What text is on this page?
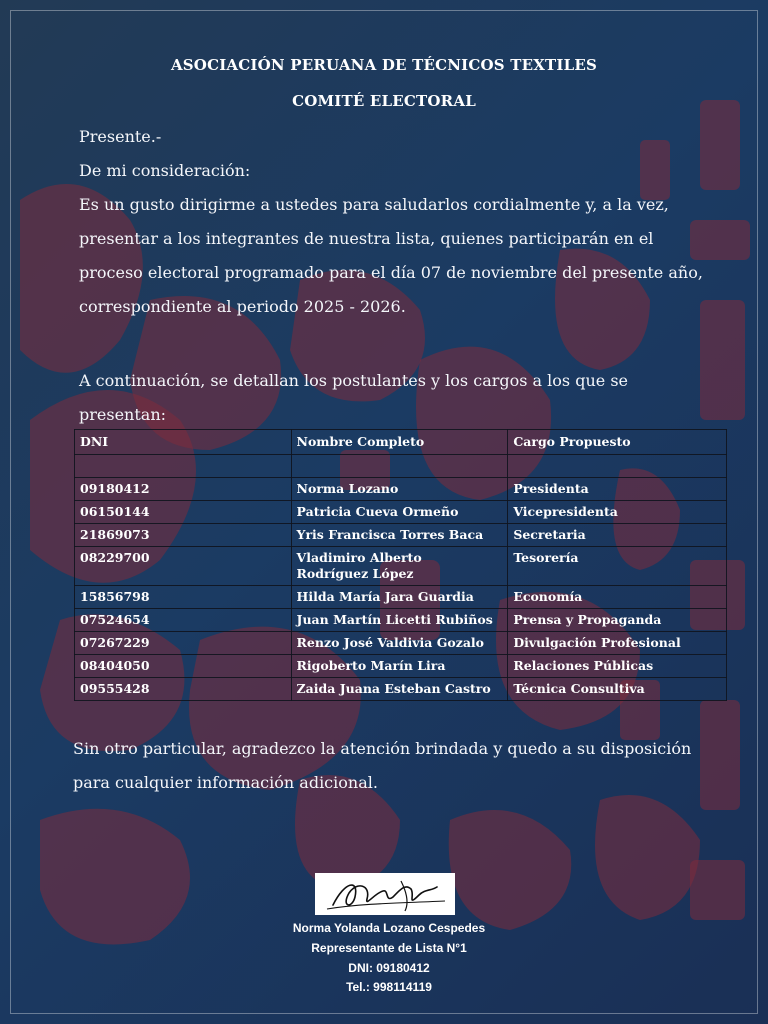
ASOCIACIÓN PERUANA DE TÉCNICOS TEXTILES
COMITÉ ELECTORAL
Presente.-
De mi consideración:
Es un gusto dirigirme a ustedes para saludarlos cordialmente y, a la vez, presentar a los integrantes de nuestra lista, quienes participarán en el proceso electoral programado para el día 07 de noviembre del presente año, correspondiente al periodo 2025 - 2026.
A continuación, se detallan los postulantes y los cargos a los que se presentan:
DNI	Nombre Completo	Cargo Propuesto

09180412	Norma Lozano	Presidenta
06150144	Patricia Cueva Ormeño	Vicepresidenta
21869073	Yris Francisca Torres Baca	Secretaria
08229700	Vladimiro Alberto Rodríguez López	Tesorería
15856798	Hilda María Jara Guardia	Economía
07524654	Juan Martín Licetti Rubiños	Prensa y Propaganda
07267229	Renzo José Valdivia Gozalo	Divulgación Profesional
08404050	Rigoberto Marín Lira	Relaciones Públicas
09555428	Zaida Juana Esteban Castro	Técnica Consultiva
Sin otro particular, agradezco la atención brindada y quedo a su disposición para cualquier información adicional.
Norma Yolanda Lozano Cespedes
Representante de Lista N°1
DNI: 09180412
Tel.: 998114119
